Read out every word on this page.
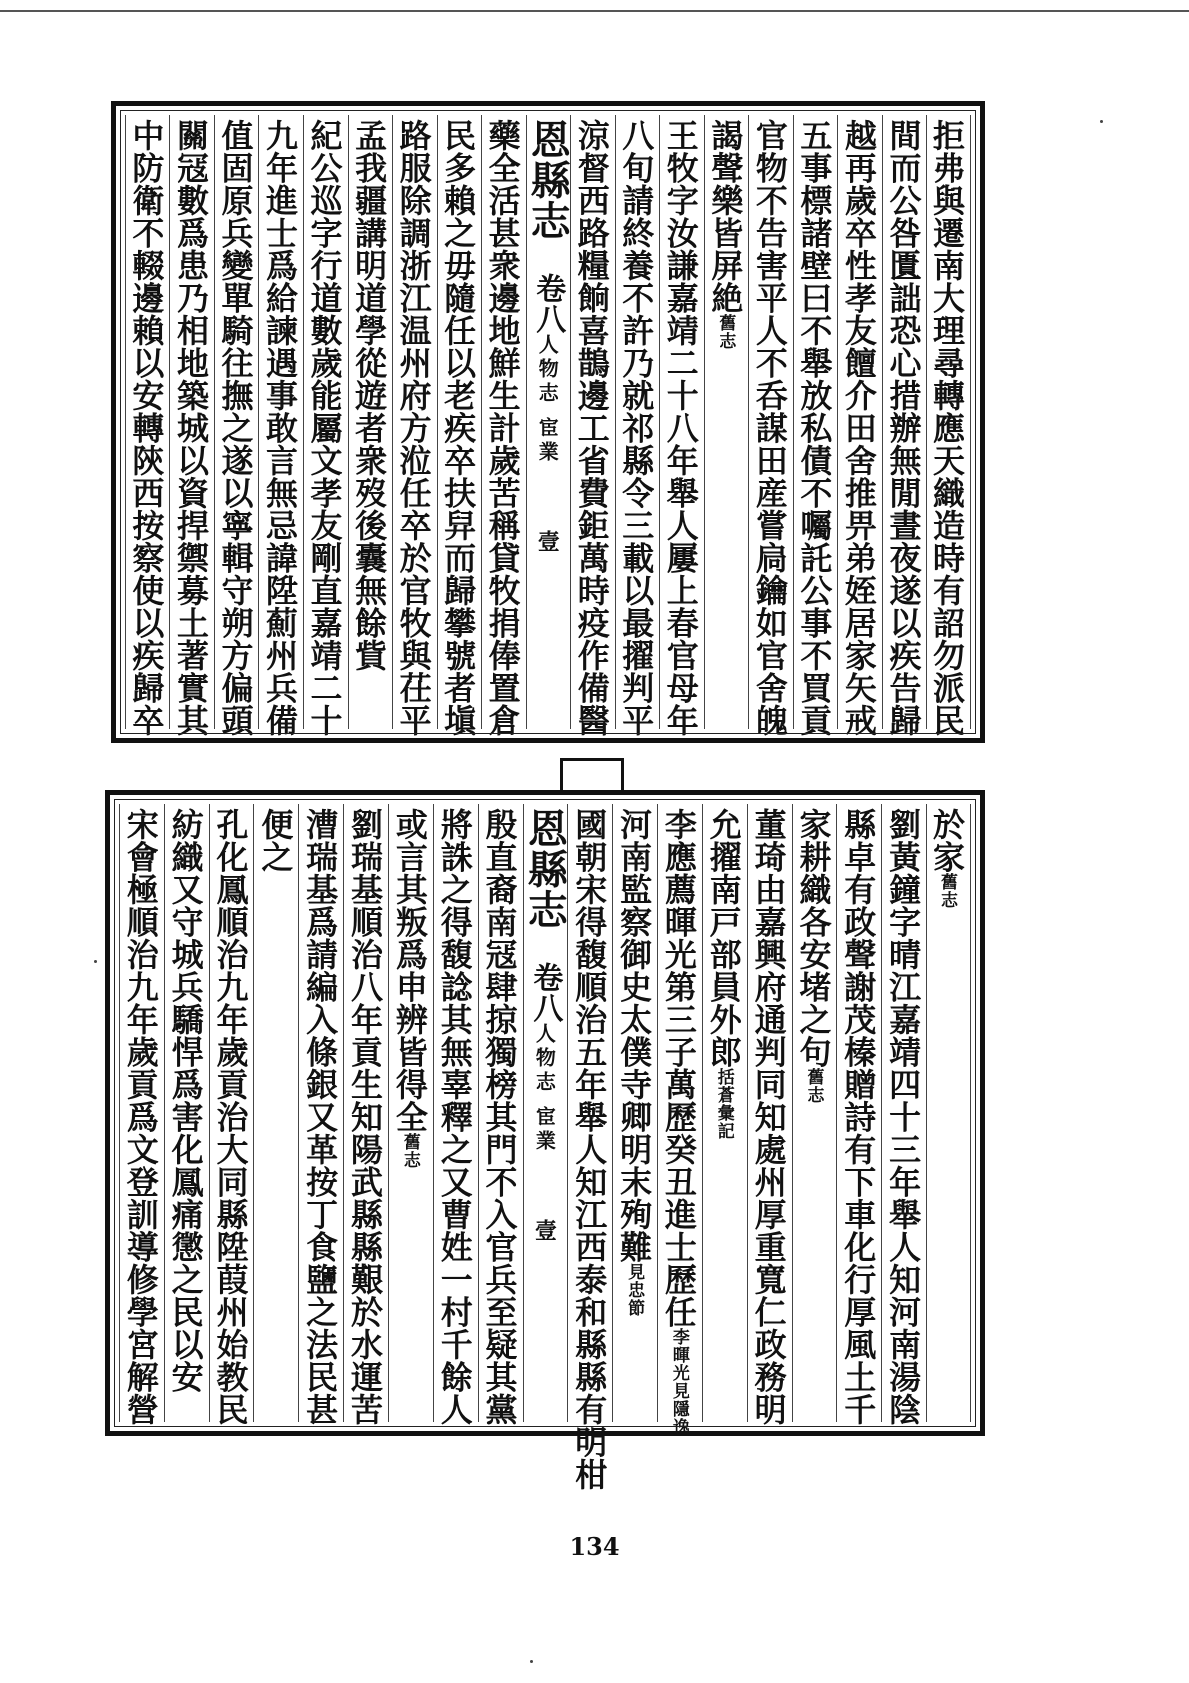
拒弗與遷南大理尋轉應天織造時有詔勿派民
間而公咎匱詘恐心措辦無閒晝夜遂以疾告歸
越再歲卒性孝友饘介田舍推畀弟姪居家矢戒
五事標諸壁曰不舉放私債不囑託公事不買貢
官物不告害平人不呑謀田産嘗扃鑰如官舍魄
謁聲樂皆屏絶舊志
王牧字汝謙嘉靖二十八年舉人屢上春官母年
八旬請終養不許乃就祁縣令三載以最擢判平
涼督西路糧餉喜鵲邊工省費鉅萬時疫作備醫
恩縣志　卷八人物志 宦業　　壹
藥全活甚衆邊地鮮生計歲苦稱貸牧捐俸置倉
民多賴之毋隨任以老疾卒扶舁而歸攀號者塡
路服除調浙江温州府方涖任卒於官牧與茌平
孟我疆講明道學從遊者衆歿後囊無餘貲
紀公巡字行道數歲能屬文孝友剛直嘉靖二十
九年進士爲給諫遇事敢言無忌諱陞薊州兵備
值固原兵變單騎往撫之遂以寧輯守朔方偏頭
關冦數爲患乃相地築城以資捍禦募土著實其
中防衛不輟邊賴以安轉陝西按察使以疾歸卒
於家舊志
劉黃鐘字晴江嘉靖四十三年舉人知河南湯陰
縣卓有政聲謝茂榛贈詩有下車化行厚風土千
家耕織各安堵之句舊志
董琦由嘉興府通判同知處州厚重寬仁政務明
允擢南戸部員外郎括蒼彙記
李應薦暉光第三子萬歷癸丑進士歷任李暉光見隱逸
河南監察御史太僕寺卿明末殉難見忠節
國朝宋得馥順治五年舉人知江西泰和縣縣有明柑
恩縣志　卷八人物志 宦業　　壹
殷直裔南冦肆掠獨榜其門不入官兵至疑其黨
將誅之得馥諗其無辜釋之又曹姓一村千餘人
或言其叛爲申辨皆得全舊志
劉瑞基順治八年貢生知陽武縣縣艱於水運苦
漕瑞基爲請編入條銀又革按丁食鹽之法民甚
便之
孔化鳳順治九年歲貢治大同縣陞葭州始教民
紡織又守城兵驕悍爲害化鳳痛懲之民以安
宋會極順治九年歲貢爲文登訓導修學宮解營
134
